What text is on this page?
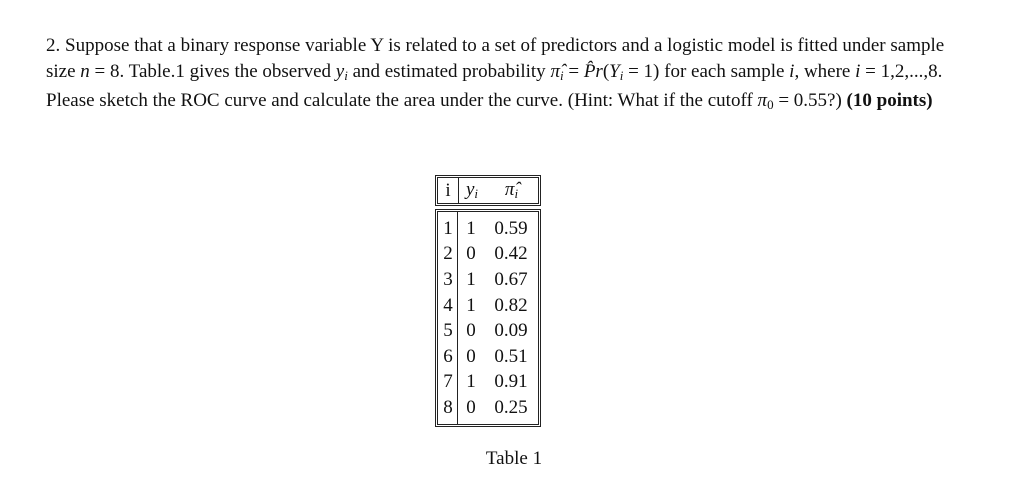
2. Suppose that a binary response variable Y is related to a set of predictors and a logistic model is fitted under sample size n = 8. Table.1 gives the observed $y_i$ and estimated probability $\pî_i$ = $P̂r(Y_i = 1)$ for each sample i, where i = 1,2,...,8. Please sketch the ROC curve and calculate the area under the curve. (Hint: What if the cutoff π0 = 0.55?) (10 points)

i $y_i$	$\pî_i$
1 1 0.59
2 0 0.42
3 1 0.67
4 1 0.82
5 0 0.09
6 0 0.51
7 1 0.91
8 0 0.25
Table 1
